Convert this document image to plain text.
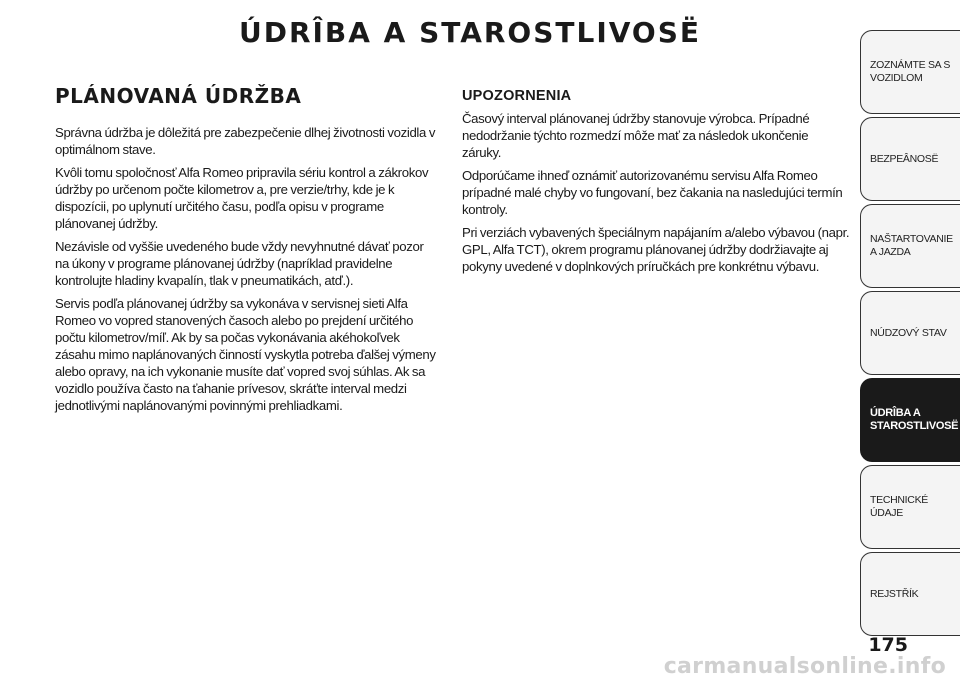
ÚDRÎBA A STAROSTLIVOSË
PLÁNOVANÁ ÚDRŽBA

Správna údržba je dôležitá pre zabezpečenie dlhej životnosti vozidla v optimálnom stave.

Kvôli tomu spoločnosť Alfa Romeo pripravila sériu kontrol a zákrokov údržby po určenom počte kilometrov a, pre verzie/trhy, kde je k dispozícii, po uplynutí určitého času, podľa opisu v programe plánovanej údržby.

Nezávisle od vyššie uvedeného bude vždy nevyhnutné dávať pozor na úkony v programe plánovanej údržby (napríklad pravidelne kontrolujte hladiny kvapalín, tlak v pneumatikách, atď.).

Servis podľa plánovanej údržby sa vykonáva v servisnej sieti Alfa Romeo vo vopred stanovených časoch alebo po prejdení určitého počtu kilometrov/míľ. Ak by sa počas vykonávania akéhokoľvek zásahu mimo naplánovaných činností vyskytla potreba ďalšej výmeny alebo opravy, na ich vykonanie musíte dať vopred svoj súhlas. Ak sa vozidlo používa často na ťahanie prívesov, skráťte interval medzi jednotlivými naplánovanými povinnými prehliadkami.

UPOZORNENIA

Časový interval plánovanej údržby stanovuje výrobca. Prípadné nedodržanie týchto rozmedzí môže mať za následok ukončenie záruky.

Odporúčame ihneď oznámiť autorizovanému servisu Alfa Romeo prípadné malé chyby vo fungovaní, bez čakania na nasledujúci termín kontroly.

Pri verziách vybavených špeciálnym napájaním a/alebo výbavou (napr. GPL, Alfa TCT), okrem programu plánovanej údržby dodržiavajte aj pokyny uvedené v doplnkových príručkách pre konkrétnu výbavu.

ZOZNÁMTE SA S VOZIDLOM
BEZPEÂNOSË
NAŠTARTOVANIE A JAZDA
NÚDZOVÝ STAV
ÚDRÎBA A STAROSTLIVOSË
TECHNICKÉ ÚDAJE
REJSTŘÍK
175
carmanualsonline.info
